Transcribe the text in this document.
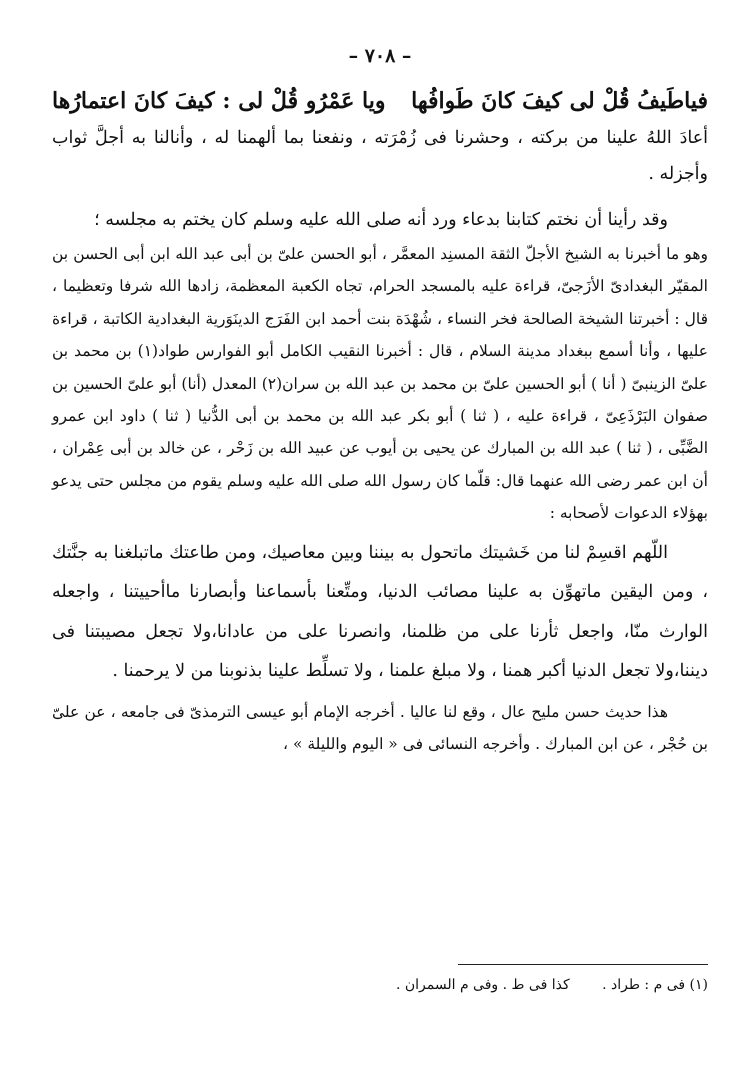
– ٧٠٨ –
فياطَيفُ قُلْ لى كيفَ كانَ طَوافُها
ويا عَمْرُو قُلْ لى : كيفَ كانَ اعتمارُها

أعادَ اللهُ علينا من بركته ، وحشرنا فى زُمْرَته ، ونفعنا بما ألهمنا له ، وأنالنا به أجلَّ ثواب وأجزله .

وقد رأينا أن نختم كتابنا بدعاء ورد أنه صلى الله عليه وسلم كان يختم به مجلسه ؛

وهو ما أخبرنا به الشيخ الأجلّ الثقة المسنِد المعمَّر ، أبو الحسن علىّ بن أبى عبد الله ابن أبى الحسن بن المقيّر البغدادىّ الأزَجىّ، قراءة عليه بالمسجد الحرام، تجاه الكعبة المعظمة، زادها الله شرفا وتعظيما ، قال : أخبرتنا الشيخة الصالحة فخر النساء ، شُهْدَة بنت أحمد ابن الفَرَج الدينَوَرية البغدادية الكاتبة ، قراءة عليها ، وأنا أسمع ببغداد مدينة السلام ، قال : أخبرنا النقيب الكامل أبو الفوارس طواد(١) بن محمد بن علىّ الزينبىّ ( أنا ) أبو الحسين علىّ بن محمد بن عبد الله بن سران(٢) المعدل (أنا) أبو علىّ الحسين بن صفوان البَرْذَعِىّ ، قراءة عليه ، ( ثنا ) أبو بكر عبد الله بن محمد بن أبى الدُّنيا ( ثنا ) داود ابن عمرو الضَّبِّى ، ( ثنا ) عبد الله بن المبارك عن يحيى بن أيوب عن عبيد الله بن زَحْر ، عن خالد بن أبى عِمْران ، أن ابن عمر رضى الله عنهما قال: قلّما كان رسول الله صلى الله عليه وسلم يقوم من مجلس حتى يدعو بهؤلاء الدعوات لأصحابه :

اللّهم اقسِمْ لنا من خَشيتك ماتحول به بيننا وبين معاصيك، ومن طاعتك ماتبلغنا به جنَّتك ، ومن اليقين ماتهوِّن به علينا مصائب الدنيا، ومتِّعنا بأسماعنا وأبصارنا ماأحييتنا ، واجعله الوارث منّا، واجعل ثأرنا على من ظلمنا، وانصرنا على من عادانا،ولا تجعل مصيبتنا فى ديننا،ولا تجعل الدنيا أكبر همنا ، ولا مبلغ علمنا ، ولا تسلِّط علينا بذنوبنا من لا يرحمنا .

هذا حديث حسن مليح عال ، وقع لنا عاليا . أخرجه الإمام أبو عيسى الترمذىّ فى جامعه ، عن علىّ بن حُجْر ، عن ابن المبارك . وأخرجه النسائى فى « اليوم والليلة » ،

(١) فى م : طراد . كذا فى ط . وفى م السمران .
